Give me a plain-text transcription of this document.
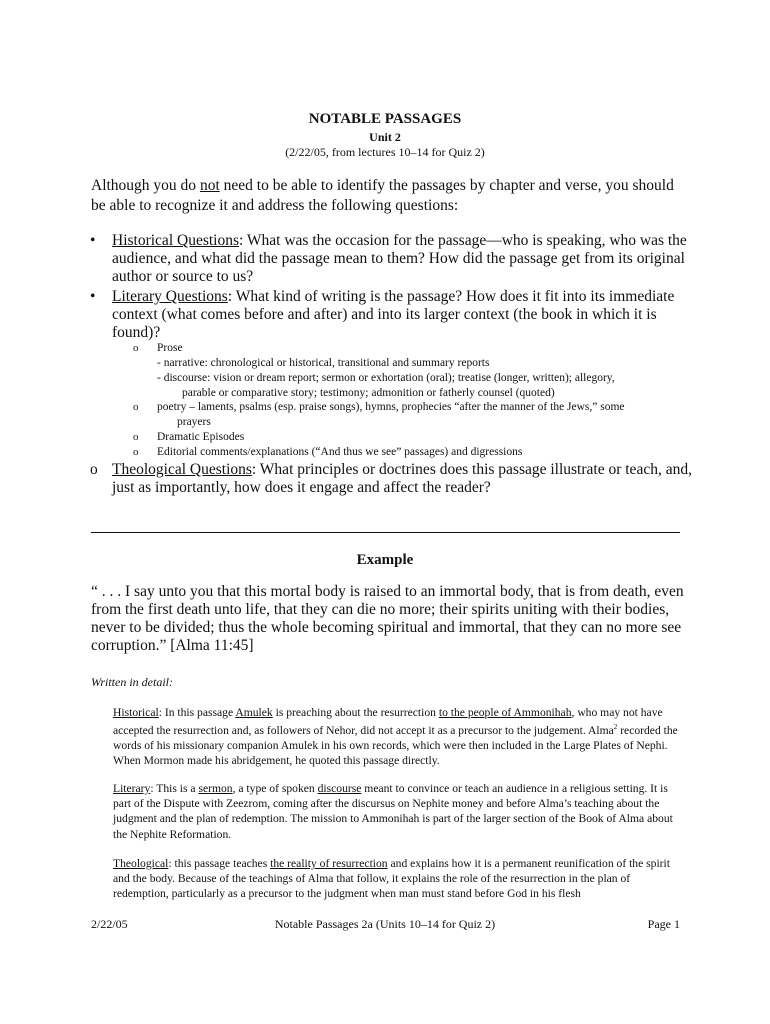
NOTABLE PASSAGES
Unit 2
(2/22/05, from lectures 10–14 for Quiz 2)
Although you do not need to be able to identify the passages by chapter and verse, you should be able to recognize it and address the following questions:
• Historical Questions: What was the occasion for the passage—who is speaking, who was the audience, and what did the passage mean to them? How did the passage get from its original author or source to us?
• Literary Questions: What kind of writing is the passage? How does it fit into its immediate context (what comes before and after) and into its larger context (the book in which it is found)?
o Prose
- narrative: chronological or historical, transitional and summary reports
- discourse: vision or dream report; sermon or exhortation (oral); treatise (longer, written); allegory,
parable or comparative story; testimony; admonition or fatherly counsel (quoted)
o poetry – laments, psalms (esp. praise songs), hymns, prophecies “after the manner of the Jews,” some
prayers
o Dramatic Episodes
o Editorial comments/explanations (“And thus we see” passages) and digressions
o Theological Questions: What principles or doctrines does this passage illustrate or teach, and, just as importantly, how does it engage and affect the reader?
Example
“ . . . I say unto you that this mortal body is raised to an immortal body, that is from death, even from the first death unto life, that they can die no more; their spirits uniting with their bodies, never to be divided; thus the whole becoming spiritual and immortal, that they can no more see corruption.” [Alma 11:45]
Written in detail:
Historical: In this passage Amulek is preaching about the resurrection to the people of Ammonihah, who may not have accepted the resurrection and, as followers of Nehor, did not accept it as a precursor to the judgement. Alma$^2$ recorded the words of his missionary companion Amulek in his own records, which were then included in the Large Plates of Nephi. When Mormon made his abridgement, he quoted this passage directly.
Literary: This is a sermon, a type of spoken discourse meant to convince or teach an audience in a religious setting. It is part of the Dispute with Zeezrom, coming after the discursus on Nephite money and before Alma’s teaching about the judgment and the plan of redemption. The mission to Ammonihah is part of the larger section of the Book of Alma about the Nephite Reformation.
Theological: this passage teaches the reality of resurrection and explains how it is a permanent reunification of the spirit and the body. Because of the teachings of Alma that follow, it explains the role of the resurrection in the plan of redemption, particularly as a precursor to the judgment when man must stand before God in his flesh
2/22/05	Notable Passages 2a (Units 10–14 for Quiz 2)	Page 1
